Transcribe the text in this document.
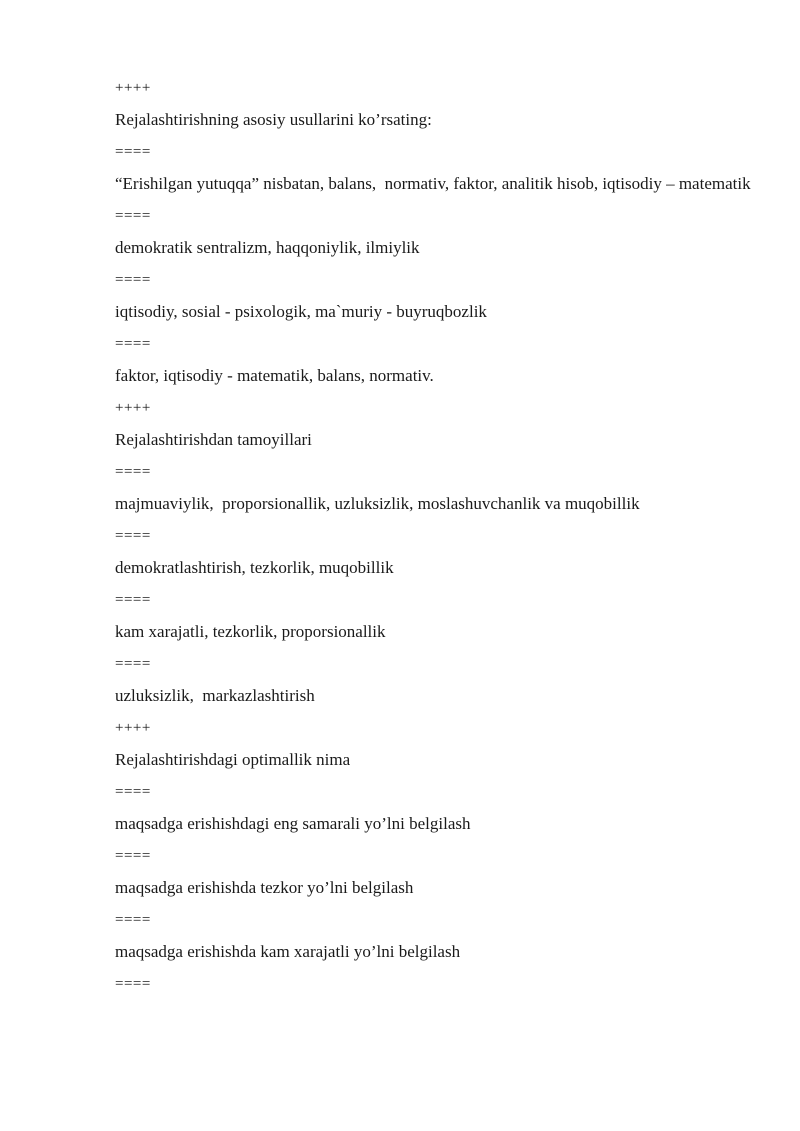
++++
Rejalashtirishning asosiy usullarini ko’rsating:
====
“Erishilgan yutuqqa” nisbatan, balans,  normativ, faktor, analitik hisob, iqtisodiy – matematik
====
demokratik sentralizm, haqqoniylik, ilmiylik
====
iqtisodiy, sosial - psixologik, ma`muriy - buyruqbozlik
====
faktor, iqtisodiy - matematik, balans, normativ.
++++
Rejalashtirishdan tamoyillari
====
majmuaviylik,  proporsionallik, uzluksizlik, moslashuvchanlik va muqobillik
====
demokratlashtirish, tezkorlik, muqobillik
====
kam xarajatli, tezkorlik, proporsionallik
====
uzluksizlik,  markazlashtirish
++++
Rejalashtirishdagi optimallik nima
====
maqsadga erishishdagi eng samarali yo’lni belgilash
====
maqsadga erishishda tezkor yo’lni belgilash
====
maqsadga erishishda kam xarajatli yo’lni belgilash
====
